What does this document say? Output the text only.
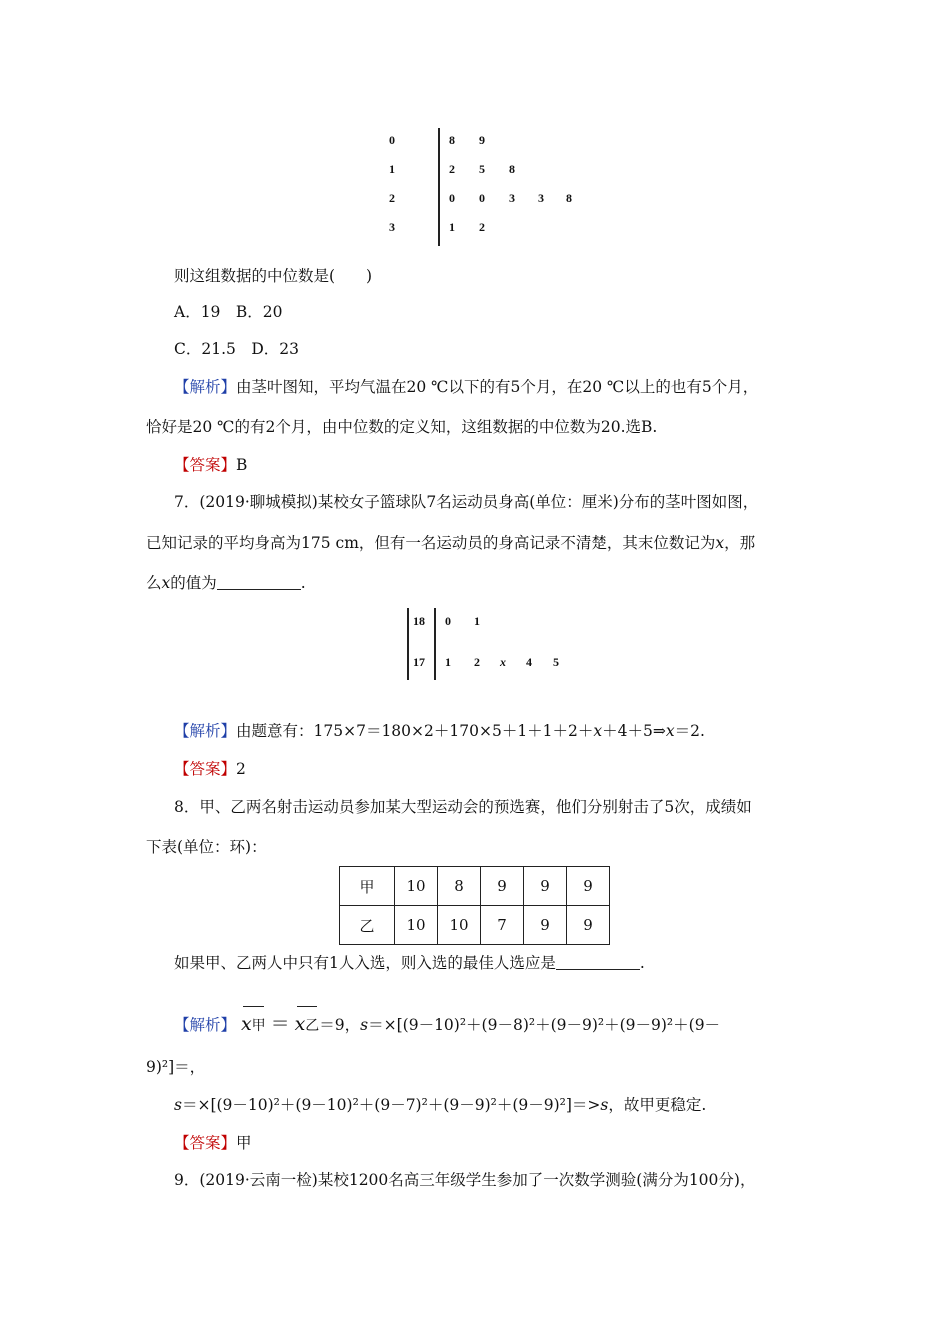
0	8 9
1	2 5 8
2	0 0 3 3 8
3	1 2
则这组数据的中位数是(　　)
A．19　B．20
C．21.5　D．23
【解析】由茎叶图知，平均气温在20 ℃以下的有5个月，在20 ℃以上的也有5个月，
恰好是20 ℃的有2个月，由中位数的定义知，这组数据的中位数为20.选B.
【答案】B
7．(2019·聊城模拟)某校女子篮球队7名运动员身高(单位：厘米)分布的茎叶图如图，
已知记录的平均身高为175 cm，但有一名运动员的身高记录不清楚，其末位数记为x，那
么x的值为	.
18 0 1
17 1 2 x 4 5
【解析】由题意有：175×7＝180×2＋170×5＋1＋1＋2＋x＋4＋5⇒x＝2.
【答案】2
8．甲、乙两名射击运动员参加某大型运动会的预选赛，他们分别射击了5次，成绩如
下表(单位：环)：
甲	10	8	9	9	9
乙	10	10	7	9	9
如果甲、乙两人中只有1人入选，则入选的最佳人选应是	.
【解析】 x甲 ＝ x乙＝9，s＝×[(9－10)²＋(9－8)²＋(9－9)²＋(9－9)²＋(9－
9)²]＝，
s＝×[(9－10)²＋(9－10)²＋(9－7)²＋(9－9)²＋(9－9)²]＝>s，故甲更稳定.
【答案】甲
9．(2019·云南一检)某校1200名高三年级学生参加了一次数学测验(满分为100分)，
